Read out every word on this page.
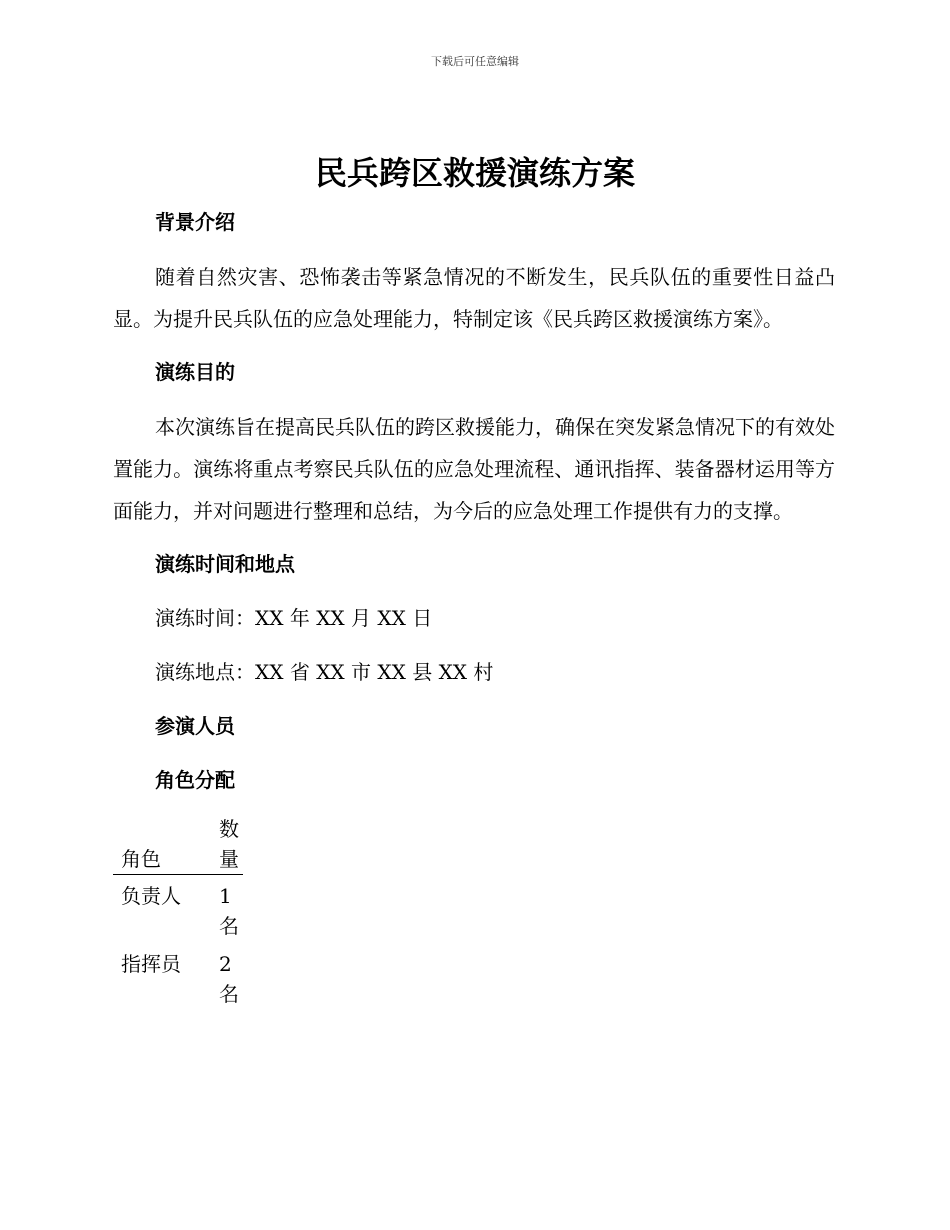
下载后可任意编辑
民兵跨区救援演练方案
背景介绍
随着自然灾害、恐怖袭击等紧急情况的不断发生，民兵队伍的重要性日益凸显。为提升民兵队伍的应急处理能力，特制定该《民兵跨区救援演练方案》。
演练目的
本次演练旨在提高民兵队伍的跨区救援能力，确保在突发紧急情况下的有效处置能力。演练将重点考察民兵队伍的应急处理流程、通讯指挥、装备器材运用等方面能力，并对问题进行整理和总结，为今后的应急处理工作提供有力的支撑。
演练时间和地点
演练时间：XX 年 XX 月 XX 日
演练地点：XX 省 XX 市 XX 县 XX 村
参演人员
角色分配
角色	数量
负责人	1 名
指挥员	2 名
